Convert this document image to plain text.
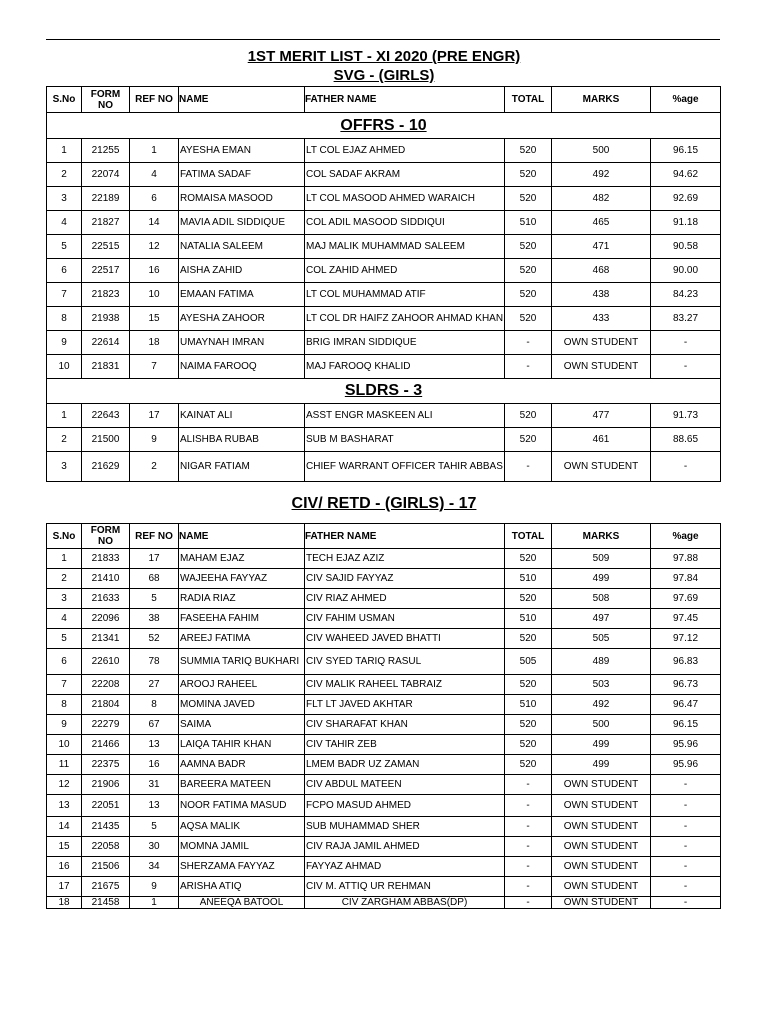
1ST MERIT LIST - XI 2020 (PRE ENGR)
SVG - (GIRLS)
S.No	FORM NO	REF NO	NAME	FATHER NAME	TOTAL	MARKS	%age
OFFRS - 10							
1	21255	1	AYESHA EMAN	LT COL EJAZ AHMED	520	500	96.15
2	22074	4	FATIMA SADAF	COL SADAF AKRAM	520	492	94.62
3	22189	6	ROMAISA MASOOD	LT COL MASOOD AHMED WARAICH	520	482	92.69
4	21827	14	MAVIA ADIL SIDDIQUE	COL ADIL MASOOD SIDDIQUI	510	465	91.18
5	22515	12	NATALIA SALEEM	MAJ MALIK MUHAMMAD SALEEM	520	471	90.58
6	22517	16	AISHA ZAHID	COL ZAHID AHMED	520	468	90.00
7	21823	10	EMAAN FATIMA	LT COL MUHAMMAD ATIF	520	438	84.23
8	21938	15	AYESHA ZAHOOR	LT COL DR HAIFZ ZAHOOR AHMAD KHAN	520	433	83.27
9	22614	18	UMAYNAH IMRAN	BRIG IMRAN SIDDIQUE	-	OWN STUDENT	-
10	21831	7	NAIMA FAROOQ	MAJ FAROOQ KHALID	-	OWN STUDENT	-
SLDRS - 3							
1	22643	17	KAINAT ALI	ASST ENGR MASKEEN ALI	520	477	91.73
2	21500	9	ALISHBA RUBAB	SUB M BASHARAT	520	461	88.65
3	21629	2	NIGAR FATIAM	CHIEF WARRANT OFFICER TAHIR ABBAS	-	OWN STUDENT	-
CIV/ RETD - (GIRLS) - 17
S.No	FORM NO	REF NO	NAME	FATHER NAME	TOTAL	MARKS	%age
1	21833	17	MAHAM EJAZ	TECH EJAZ AZIZ	520	509	97.88
2	21410	68	WAJEEHA FAYYAZ	CIV SAJID FAYYAZ	510	499	97.84
3	21633	5	RADIA RIAZ	CIV RIAZ AHMED	520	508	97.69
4	22096	38	FASEEHA FAHIM	CIV FAHIM USMAN	510	497	97.45
5	21341	52	AREEJ FATIMA	CIV WAHEED JAVED BHATTI	520	505	97.12
6	22610	78	SUMMIA TARIQ BUKHARI	CIV SYED TARIQ RASUL	505	489	96.83
7	22208	27	AROOJ RAHEEL	CIV MALIK RAHEEL TABRAIZ	520	503	96.73
8	21804	8	MOMINA JAVED	FLT LT JAVED AKHTAR	510	492	96.47
9	22279	67	SAIMA	CIV SHARAFAT KHAN	520	500	96.15
10	21466	13	LAIQA TAHIR KHAN	CIV TAHIR ZEB	520	499	95.96
11	22375	16	AAMNA BADR	LMEM BADR UZ ZAMAN	520	499	95.96
12	21906	31	BAREERA MATEEN	CIV ABDUL MATEEN	-	OWN STUDENT	-
13	22051	13	NOOR FATIMA MASUD	FCPO MASUD AHMED	-	OWN STUDENT	-
14	21435	5	AQSA MALIK	SUB MUHAMMAD SHER	-	OWN STUDENT	-
15	22058	30	MOMNA JAMIL	CIV RAJA JAMIL AHMED	-	OWN STUDENT	-
16	21506	34	SHERZAMA FAYYAZ	FAYYAZ AHMAD	-	OWN STUDENT	-
17	21675	9	ARISHA ATIQ	CIV M. ATTIQ UR REHMAN	-	OWN STUDENT	-
18	21458	1	ANEEQA BATOOL	CIV ZARGHAM ABBAS(DP)	-	OWN STUDENT	-
